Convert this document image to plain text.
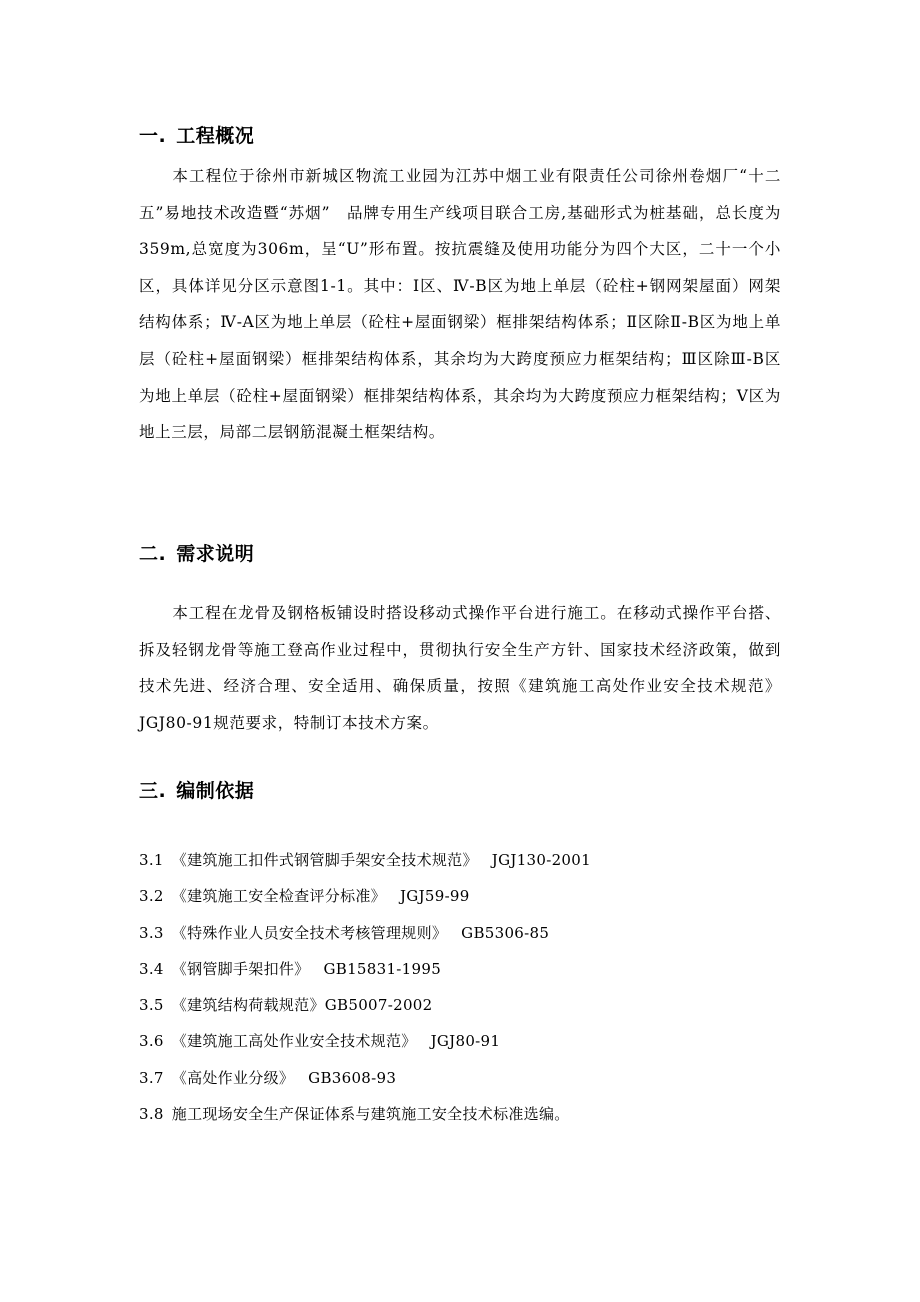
一. 工程概况

本工程位于徐州市新城区物流工业园为江苏中烟工业有限责任公司徐州卷烟厂“十二五”易地技术改造暨“苏烟”　品牌专用生产线项目联合工房,基础形式为桩基础，总长度为359m,总宽度为306m，呈“U”形布置。按抗震缝及使用功能分为四个大区，二十一个小区，具体详见分区示意图1-1。其中：Ⅰ区、Ⅳ-B区为地上单层（砼柱+钢网架屋面）网架结构体系；Ⅳ-A区为地上单层（砼柱+屋面钢梁）框排架结构体系；Ⅱ区除Ⅱ-B区为地上单层（砼柱+屋面钢梁）框排架结构体系，其余均为大跨度预应力框架结构；Ⅲ区除Ⅲ-B区为地上单层（砼柱+屋面钢梁）框排架结构体系，其余均为大跨度预应力框架结构；Ⅴ区为地上三层，局部二层钢筋混凝土框架结构。

二. 需求说明

本工程在龙骨及钢格板铺设时搭设移动式操作平台进行施工。在移动式操作平台搭、拆及轻钢龙骨等施工登高作业过程中，贯彻执行安全生产方针、国家技术经济政策，做到技术先进、经济合理、安全适用、确保质量，按照《建筑施工高处作业安全技术规范》JGJ80-91规范要求，特制订本技术方案。

三. 编制依据
3.1 《建筑施工扣件式钢管脚手架安全技术规范》 JGJ130-2001
3.2 《建筑施工安全检查评分标准》 JGJ59-99
3.3 《特殊作业人员安全技术考核管理规则》 GB5306-85
3.4 《钢管脚手架扣件》 GB15831-1995
3.5 《建筑结构荷载规范》GB5007-2002
3.6 《建筑施工高处作业安全技术规范》 JGJ80-91
3.7 《高处作业分级》 GB3608-93
3.8 施工现场安全生产保证体系与建筑施工安全技术标准选编。
